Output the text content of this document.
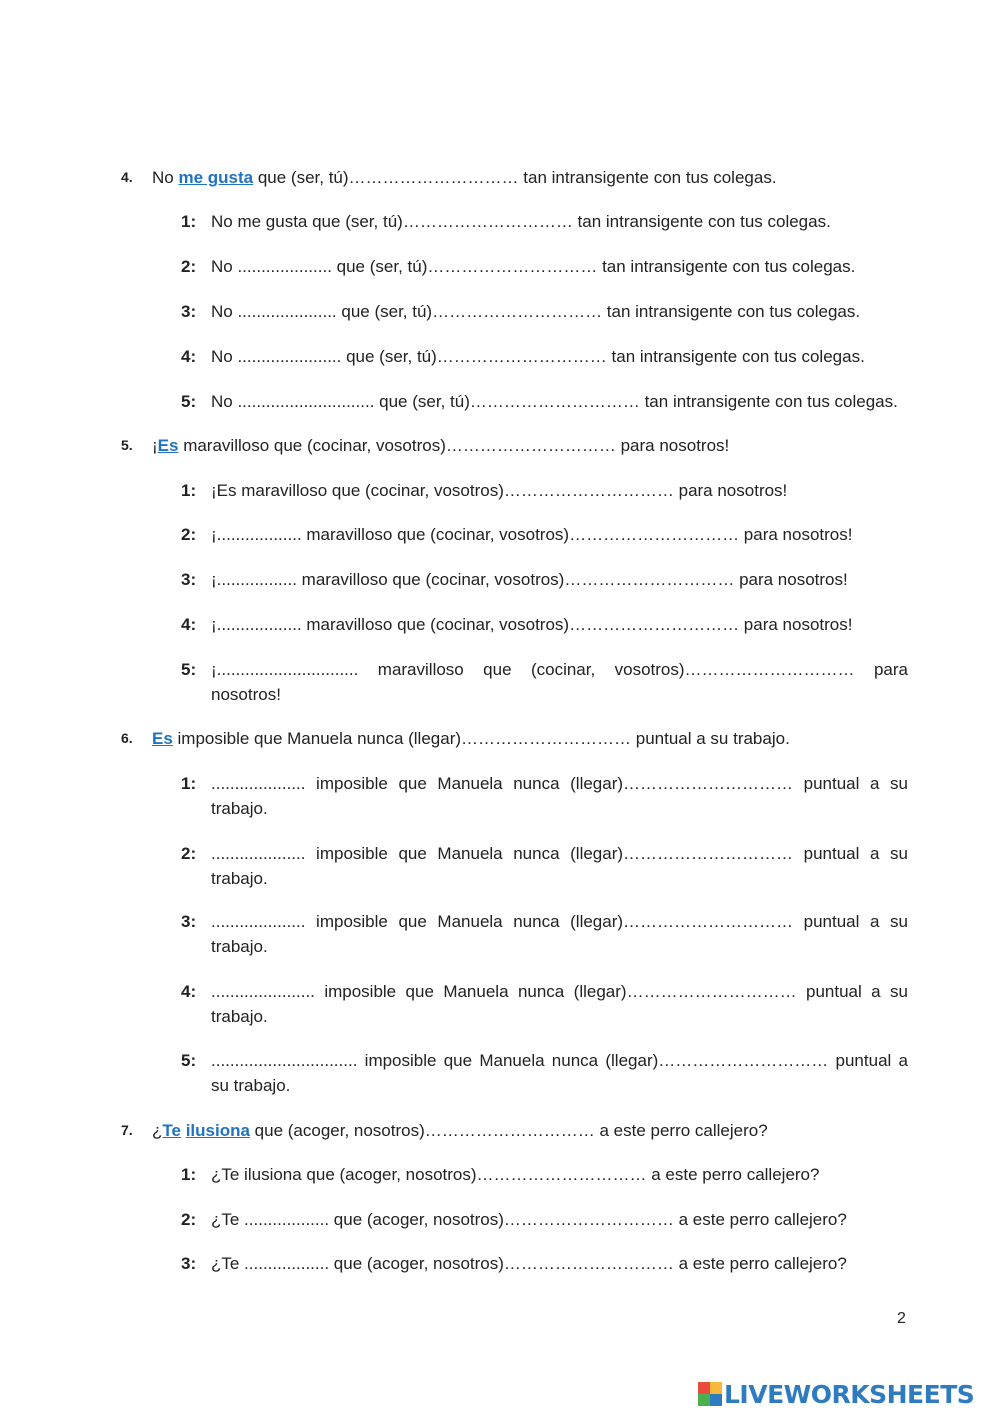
4. No me gusta que (ser, tú)………………………… tan intransigente con tus colegas.
1: No me gusta que (ser, tú)………………………… tan intransigente con tus colegas.
2: No .................... que (ser, tú)………………………… tan intransigente con tus colegas.
3: No ..................... que (ser, tú)………………………… tan intransigente con tus colegas.
4: No ...................... que (ser, tú)………………………… tan intransigente con tus colegas.
5: No ............................. que (ser, tú)………………………… tan intransigente con tus colegas.
5. ¡Es maravilloso que (cocinar, vosotros)………………………… para nosotros!
1: ¡Es maravilloso que (cocinar, vosotros)………………………… para nosotros!
2: ¡.................. maravilloso que (cocinar, vosotros)………………………… para nosotros!
3: ¡................. maravilloso que (cocinar, vosotros)………………………… para nosotros!
4: ¡.................. maravilloso que (cocinar, vosotros)………………………… para nosotros!
5: ¡.............................. maravilloso que (cocinar, vosotros)………………………… para nosotros!
6. Es imposible que Manuela nunca (llegar)………………………… puntual a su trabajo.
1: .................... imposible que Manuela nunca (llegar)………………………… puntual a su trabajo.
2: .................... imposible que Manuela nunca (llegar)………………………… puntual a su trabajo.
3: .................... imposible que Manuela nunca (llegar)………………………… puntual a su trabajo.
4: ...................... imposible que Manuela nunca (llegar)………………………… puntual a su trabajo.
5: ............................... imposible que Manuela nunca (llegar)………………………… puntual a su trabajo.
7. ¿Te ilusiona que (acoger, nosotros)………………………… a este perro callejero?
1: ¿Te ilusiona que (acoger, nosotros)………………………… a este perro callejero?
2: ¿Te .................. que (acoger, nosotros)………………………… a este perro callejero?
3: ¿Te .................. que (acoger, nosotros)………………………… a este perro callejero?
2
LIVEWORKSHEETS
